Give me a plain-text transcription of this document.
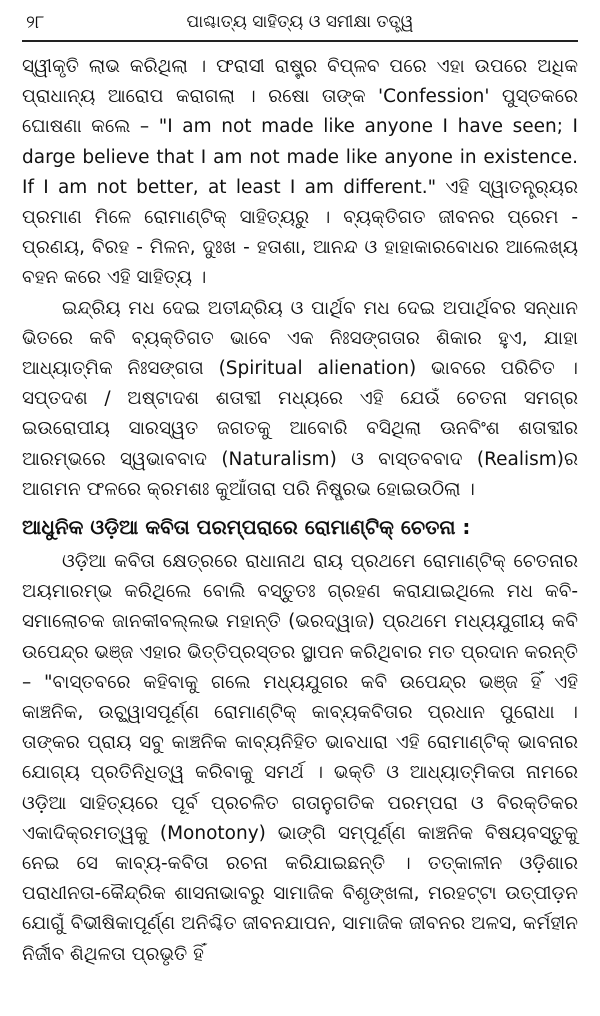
୨୮	ପାଶ୍ଚାତ୍ୟ ସାହିତ୍ୟ ଓ ସମୀକ୍ଷା ତତ୍ତ୍ୱ

ସ୍ୱୀକୃତି ଲାଭ କରିଥିଲା । ଫରାସୀ ରାଷ୍ଟ୍ର ବିପ୍ଳବ ପରେ ଏହା ଉପରେ ଅଧିକ ପ୍ରାଧାନ୍ୟ ଆରୋପ କରାଗଲା । ରଷୋ ତାଙ୍କ 'Confession' ପୁସ୍ତକରେ ଘୋଷଣା କଲେ – "I am not made like anyone I have seen; I darge believe that I am not made like anyone in existence. If I am not better, at least I am different." ଏହି ସ୍ୱାତନ୍ତ୍ର୍ୟର ପ୍ରମାଣ ମିଳେ ରୋମାଣ୍ଟିକ୍ ସାହିତ୍ୟରୁ । ବ୍ୟକ୍ତିଗତ ଜୀବନର ପ୍ରେମ - ପ୍ରଣୟ, ବିରହ - ମିଳନ, ଦୁଃଖ - ହତାଶା, ଆନନ୍ଦ ଓ ହାହାକାରବୋଧର ଆଲେଖ୍ୟ ବହନ କରେ ଏହି ସାହିତ୍ୟ ।

ଇନ୍ଦ୍ରିୟ ମଧ ଦେଇ ଅତୀନ୍ଦ୍ରିୟ ଓ ପାର୍ଥିବ ମଧ ଦେଇ ଅପାର୍ଥିବର ସନ୍ଧାନ ଭିତରେ କବି ବ୍ୟକ୍ତିଗତ ଭାବେ ଏକ ନିଃସଙ୍ଗତାର ଶିକାର ହୁଏ, ଯାହା ଆଧ୍ୟାତ୍ମିକ ନିଃସଙ୍ଗତା (Spiritual alienation) ଭାବରେ ପରିଚିତ । ସପ୍ତଦଶ / ଅଷ୍ଟାଦଶ ଶତାବ୍ଦୀ ମଧ୍ୟରେ ଏହି ଯେଉଁ ଚେତନା ସମଗ୍ର ଇଉରୋପୀୟ ସାରସ୍ୱତ ଜଗତକୁ ଆବୋରି ବସିଥିଲା ଊନବିଂଶ ଶତାବ୍ଦୀର ଆରମ୍ଭରେ ସ୍ୱଭାବବାଦ (Naturalism) ଓ ବାସ୍ତବବାଦ (Realism)ର ଆଗମନ ଫଳରେ କ୍ରମଶଃ କୁଆଁତାରା ପରି ନିଷ୍ପ୍ରଭ ହୋଇଉଠିଲା ।

ଆଧୁନିକ ଓଡ଼ିଆ କବିତା ପରମ୍ପରାରେ ରୋମାଣ୍ଟିକ୍ ଚେତନା :

ଓଡ଼ିଆ କବିତା କ୍ଷେତ୍ରରେ ରାଧାନାଥ ରାୟ ପ୍ରଥମେ ରୋମାଣ୍ଟିକ୍ ଚେତନାର ଅୟମାରମ୍ଭ କରିଥିଲେ ବୋଲି ବସ୍ତୁତଃ ଗ୍ରହଣ କରାଯାଇଥିଲେ ମଧ କବି-ସମାଲୋଚକ ଜାନକୀବଲ୍ଲଭ ମହାନ୍ତି (ଭରଦ୍ୱାଜ) ପ୍ରଥମେ ମଧ୍ୟଯୁଗୀୟ କବି ଉପେନ୍ଦ୍ର ଭଞ୍ଜ ଏହାର ଭିତ୍ତିପ୍ରସ୍ତର ସ୍ଥାପନ କରିଥିବାର ମତ ପ୍ରଦାନ କରନ୍ତି – "ବାସ୍ତବରେ କହିବାକୁ ଗଲେ ମଧ୍ୟଯୁଗର କବି ଉପେନ୍ଦ୍ର ଭଞ୍ଜ ହିଁ ଏହି କାଞ୍ଚନିକ, ଉଚ୍ଛ୍ୱାସପୂର୍ଣ୍ଣ ରୋମାଣ୍ଟିକ୍ କାବ୍ୟକବିତାର ପ୍ରଧାନ ପୁରୋଧା । ତାଙ୍କର ପ୍ରାୟ ସବୁ କାଞ୍ଚନିକ କାବ୍ୟନିହିତ ଭାବଧାରା ଏହି ରୋମାଣ୍ଟିକ୍ ଭାବନାର ଯୋଗ୍ୟ ପ୍ରତିନିଧିତ୍ୱ କରିବାକୁ ସମର୍ଥ । ଭକ୍ତି ଓ ଆଧ୍ୟାତ୍ମିକତା ନାମରେ ଓଡ଼ିଆ ସାହିତ୍ୟରେ ପୂର୍ବ ପ୍ରଚଳିତ ଗତାନୁଗତିକ ପରମ୍ପରା ଓ ବିରକ୍ତିକର ଏକାଦିକ୍ରମତ୍ୱକୁ (Monotony) ଭାଙ୍ଗି ସମ୍ପୂର୍ଣ୍ଣ କାଞ୍ଚନିକ ବିଷୟବସ୍ତୁକୁ ନେଇ ସେ କାବ୍ୟ-କବିତା ରଚନା କରିଯାଇଛନ୍ତି । ତତ୍କାଳୀନ ଓଡ଼ିଶାର ପରାଧୀନତା-କୈନ୍ଦ୍ରିକ ଶାସନାଭାବରୁ ସାମାଜିକ ବିଶୃଙ୍ଖଳା, ମରହଟ୍ଟା ଉତ୍ପୀଡ଼ନ ଯୋଗୁଁ ବିଭୀଷିକାପୂର୍ଣ୍ଣ ଅନିଶ୍ଚିତ ଜୀବନଯାପନ, ସାମାଜିକ ଜୀବନର ଅଳସ, କର୍ମହୀନ ନିର୍ଜୀବ ଶିଥିଳତା ପ୍ରଭୃତି ହିଁ
